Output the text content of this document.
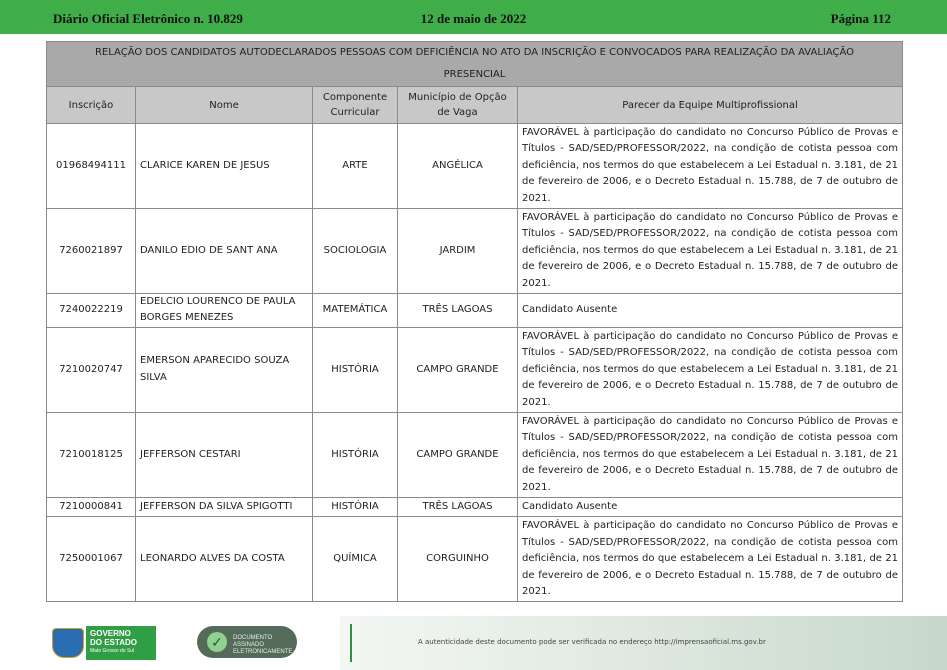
Diário Oficial Eletrônico n. 10.829	12 de maio de 2022	Página 112
RELAÇÃO DOS CANDIDATOS AUTODECLARADOS PESSOAS COM DEFICIÊNCIA NO ATO DA INSCRIÇÃO E CONVOCADOS PARA REALIZAÇÃO DA AVALIAÇÃO PRESENCIAL				
Inscrição	Nome	Componente Curricular	Município de Opção de Vaga	Parecer da Equipe Multiprofissional
01968494111	CLARICE KAREN DE JESUS	ARTE	ANGÉLICA	FAVORÁVEL à participação do candidato no Concurso Público de Provas e Títulos - SAD/SED/PROFESSOR/2022, na condição de cotista pessoa com deficiência, nos termos do que estabelecem a Lei Estadual n. 3.181, de 21 de fevereiro de 2006, e o Decreto Estadual n. 15.788, de 7 de outubro de 2021.
7260021897	DANILO EDIO DE SANT ANA	SOCIOLOGIA	JARDIM	FAVORÁVEL à participação do candidato no Concurso Público de Provas e Títulos - SAD/SED/PROFESSOR/2022, na condição de cotista pessoa com deficiência, nos termos do que estabelecem a Lei Estadual n. 3.181, de 21 de fevereiro de 2006, e o Decreto Estadual n. 15.788, de 7 de outubro de 2021.
7240022219	EDELCIO LOURENCO DE PAULA BORGES MENEZES	MATEMÁTICA	TRÊS LAGOAS	Candidato Ausente
7210020747	EMERSON APARECIDO SOUZA SILVA	HISTÓRIA	CAMPO GRANDE	FAVORÁVEL à participação do candidato no Concurso Público de Provas e Títulos - SAD/SED/PROFESSOR/2022, na condição de cotista pessoa com deficiência, nos termos do que estabelecem a Lei Estadual n. 3.181, de 21 de fevereiro de 2006, e o Decreto Estadual n. 15.788, de 7 de outubro de 2021.
7210018125	JEFFERSON CESTARI	HISTÓRIA	CAMPO GRANDE	FAVORÁVEL à participação do candidato no Concurso Público de Provas e Títulos - SAD/SED/PROFESSOR/2022, na condição de cotista pessoa com deficiência, nos termos do que estabelecem a Lei Estadual n. 3.181, de 21 de fevereiro de 2006, e o Decreto Estadual n. 15.788, de 7 de outubro de 2021.
7210000841	JEFFERSON DA SILVA SPIGOTTI	HISTÓRIA	TRÊS LAGOAS	Candidato Ausente
7250001067	LEONARDO ALVES DA COSTA	QUÍMICA	CORGUINHO	FAVORÁVEL à participação do candidato no Concurso Público de Provas e Títulos - SAD/SED/PROFESSOR/2022, na condição de cotista pessoa com deficiência, nos termos do que estabelecem a Lei Estadual n. 3.181, de 21 de fevereiro de 2006, e o Decreto Estadual n. 15.788, de 7 de outubro de 2021.
GOVERNO
DO ESTADO
Mato Grosso do Sul
✓	DOCUMENTO
ASSINADO
ELETRONICAMENTE
A autenticidade deste documento pode ser verificada no endereço http://imprensaoficial.ms.gov.br
